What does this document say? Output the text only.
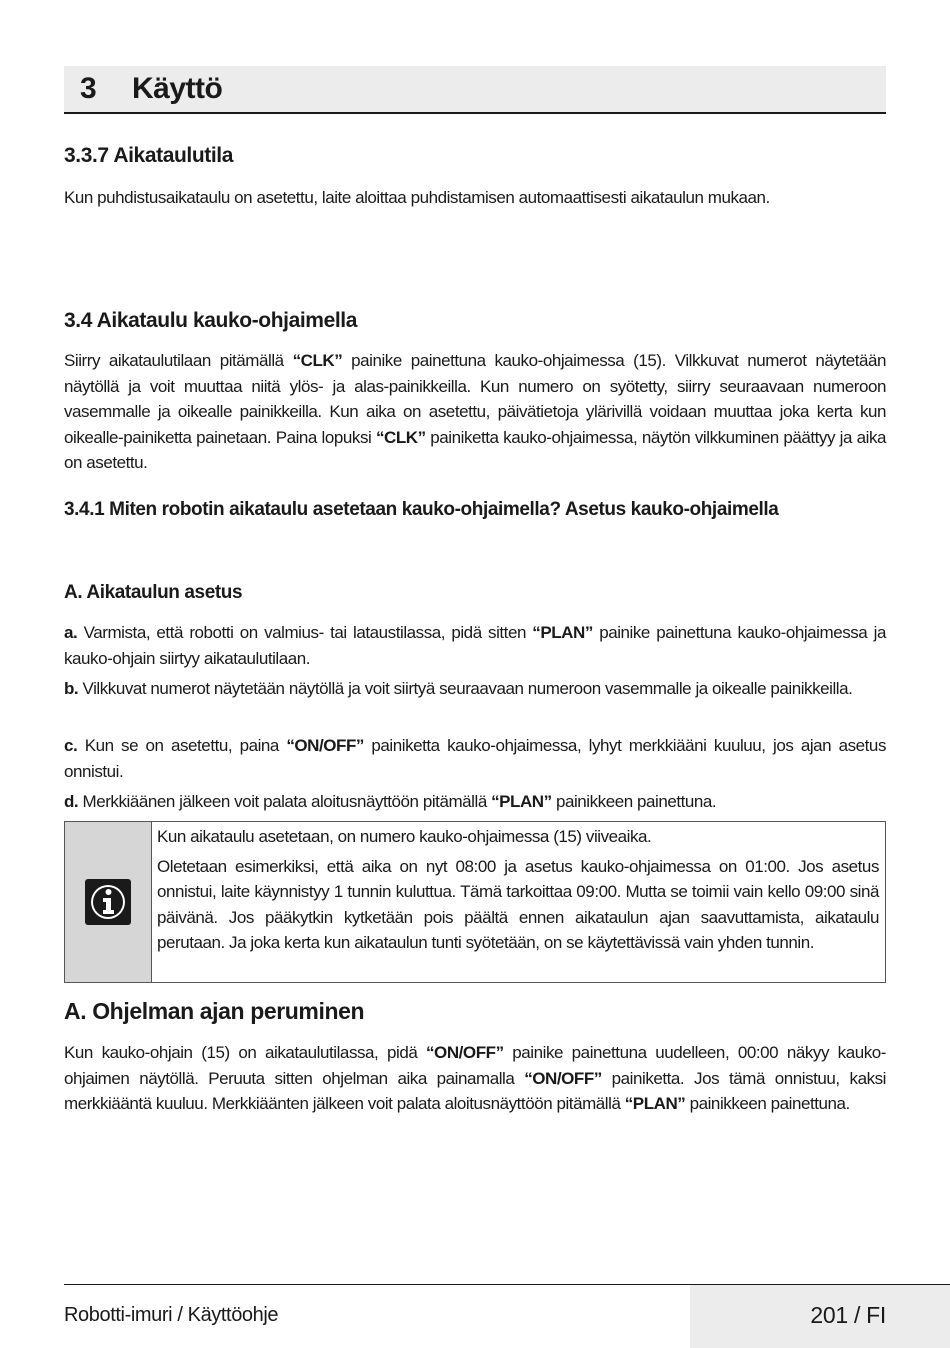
3	Käyttö
3.3.7 Aikataulutila

Kun puhdistusaikataulu on asetettu, laite aloittaa puhdistamisen automaattisesti aikataulun mukaan.

3.4 Aikataulu kauko-ohjaimella

Siirry aikataulutilaan pitämällä “CLK” painike painettuna kauko-ohjaimessa (15). Vilkkuvat numerot näytetään näytöllä ja voit muuttaa niitä ylös- ja alas-painikkeilla. Kun numero on syötetty, siirry seuraavaan numeroon vasemmalle ja oikealle painikkeilla. Kun aika on asetettu, päivätietoja ylärivillä voidaan muuttaa joka kerta kun oikealle-painiketta painetaan. Paina lopuksi “CLK” painiketta kauko-ohjaimessa, näytön vilkkuminen päättyy ja aika on asetettu.

3.4.1 Miten robotin aikataulu asetetaan kauko-ohjaimella? Asetus kauko-ohjaimella
A. Aikataulun asetus

a. Varmista, että robotti on valmius- tai lataustilassa, pidä sitten “PLAN” painike painettuna kauko-ohjaimessa ja kauko-ohjain siirtyy aikataulutilaan.

b. Vilkkuvat numerot näytetään näytöllä ja voit siirtyä seuraavaan numeroon vasemmalle ja oikealle painikkeilla.

c. Kun se on asetettu, paina “ON/OFF” painiketta kauko-ohjaimessa, lyhyt merkkiääni kuuluu, jos ajan asetus onnistui.

d. Merkkiäänen jälkeen voit palata aloitusnäyttöön pitämällä “PLAN” painikkeen painettuna.

Kun aikataulu asetetaan, on numero kauko-ohjaimessa (15) viiveaika.

Oletetaan esimerkiksi, että aika on nyt 08:00 ja asetus kauko-ohjaimessa on 01:00. Jos asetus onnistui, laite käynnistyy 1 tunnin kuluttua. Tämä tarkoittaa 09:00. Mutta se toimii vain kello 09:00 sinä päivänä. Jos pääkytkin kytketään pois päältä ennen aikataulun ajan saavuttamista, aikataulu perutaan. Ja joka kerta kun aikataulun tunti syötetään, on se käytettävissä vain yhden tunnin.

A. Ohjelman ajan peruminen

Kun kauko-ohjain (15) on aikataulutilassa, pidä “ON/OFF” painike painettuna uudelleen, 00:00 näkyy kauko-ohjaimen näytöllä. Peruuta sitten ohjelman aika painamalla “ON/OFF” painiketta. Jos tämä onnistuu, kaksi merkkiääntä kuuluu. Merkkiäänten jälkeen voit palata aloitusnäyttöön pitämällä “PLAN” painikkeen painettuna.

Robotti-imuri / Käyttöohje	201 / FI
